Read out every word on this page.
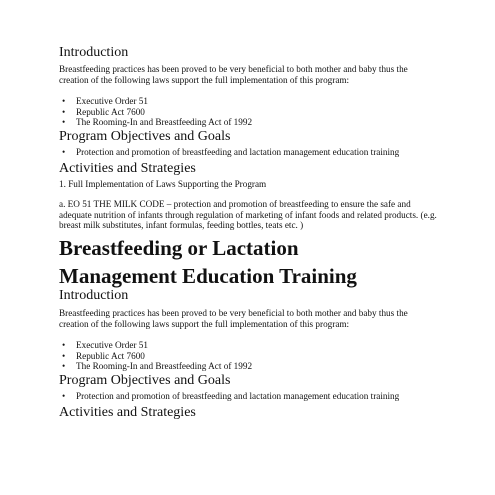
Introduction
Breastfeeding practices has been proved to be very beneficial to both mother and baby thus the creation of the following laws support the full implementation of this program:
• Executive Order 51
• Republic Act 7600
• The Rooming-In and Breastfeeding Act of 1992
Program Objectives and Goals
• Protection and promotion of breastfeeding and lactation management education training
Activities and Strategies
1. Full Implementation of Laws Supporting the Program
a. EO 51 THE MILK CODE – protection and promotion of breastfeeding to ensure the safe and adequate nutrition of infants through regulation of marketing of infant foods and related products. (e.g. breast milk substitutes, infant formulas, feeding bottles, teats etc. )
Breastfeeding or Lactation
Management Education Training
Introduction
Breastfeeding practices has been proved to be very beneficial to both mother and baby thus the creation of the following laws support the full implementation of this program:
• Executive Order 51
• Republic Act 7600
• The Rooming-In and Breastfeeding Act of 1992
Program Objectives and Goals
• Protection and promotion of breastfeeding and lactation management education training
Activities and Strategies
